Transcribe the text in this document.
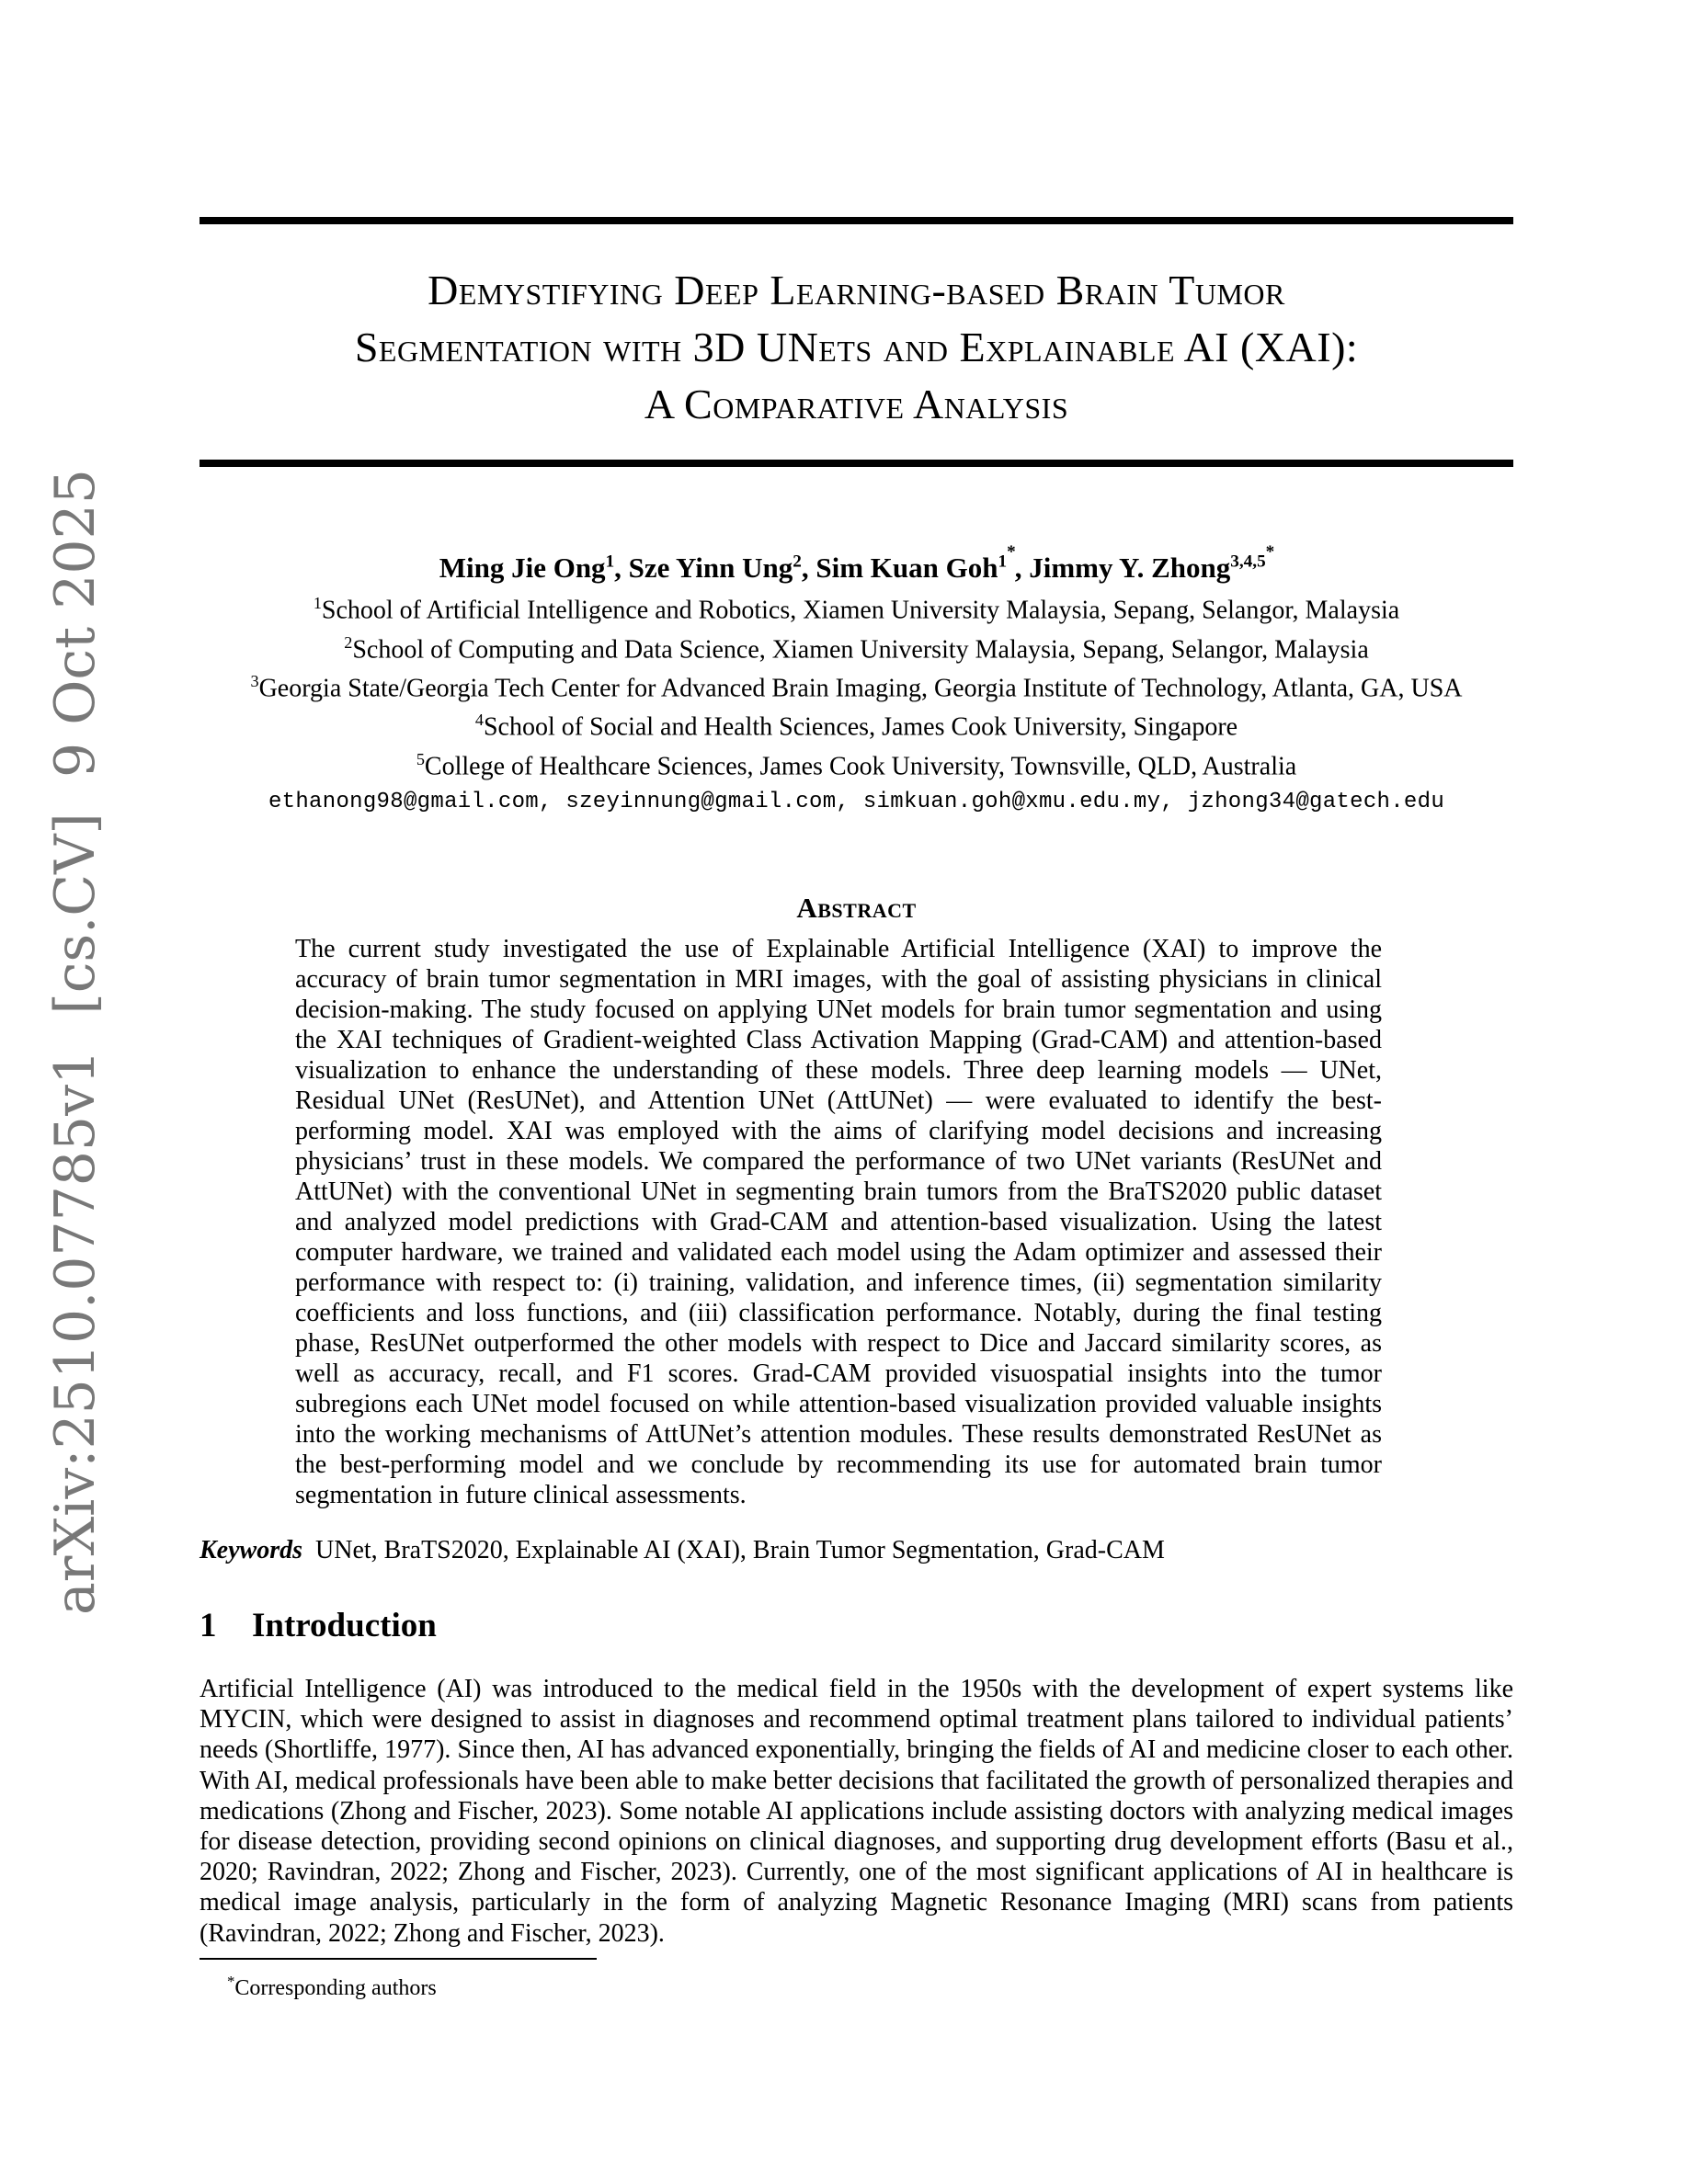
arXiv:2510.07785v1  [cs.CV]  9 Oct 2025
Demystifying Deep Learning-based Brain Tumor
Segmentation with 3D UNets and Explainable AI (XAI):
A Comparative Analysis
Ming Jie Ong$^1$, Sze Yinn Ung$^2$, Sim Kuan Goh$^{1*}$, Jimmy Y. Zhong$^{3,4,5*}$
$^1$School of Artificial Intelligence and Robotics, Xiamen University Malaysia, Sepang, Selangor, Malaysia
$^2$School of Computing and Data Science, Xiamen University Malaysia, Sepang, Selangor, Malaysia
$^3$Georgia State/Georgia Tech Center for Advanced Brain Imaging, Georgia Institute of Technology, Atlanta, GA, USA
$^4$School of Social and Health Sciences, James Cook University, Singapore
$^5$College of Healthcare Sciences, James Cook University, Townsville, QLD, Australia
ethanong98@gmail.com, szeyinnung@gmail.com, simkuan.goh@xmu.edu.my, jzhong34@gatech.edu
Abstract
The current study investigated the use of Explainable Artificial Intelligence (XAI) to improve the accuracy of brain tumor segmentation in MRI images, with the goal of assisting physicians in clinical decision-making. The study focused on applying UNet models for brain tumor segmentation and using the XAI techniques of Gradient-weighted Class Activation Mapping (Grad-CAM) and attention-based visualization to enhance the understanding of these models. Three deep learning models — UNet, Residual UNet (ResUNet), and Attention UNet (AttUNet) — were evaluated to identify the best-performing model. XAI was employed with the aims of clarifying model decisions and increasing physicians’ trust in these models. We compared the performance of two UNet variants (ResUNet and AttUNet) with the conventional UNet in segmenting brain tumors from the BraTS2020 public dataset and analyzed model predictions with Grad-CAM and attention-based visualization. Using the latest computer hardware, we trained and validated each model using the Adam optimizer and assessed their performance with respect to: (i) training, validation, and inference times, (ii) segmentation similarity coefficients and loss functions, and (iii) classification performance. Notably, during the final testing phase, ResUNet outperformed the other models with respect to Dice and Jaccard similarity scores, as well as accuracy, recall, and F1 scores. Grad-CAM provided visuospatial insights into the tumor subregions each UNet model focused on while attention-based visualization provided valuable insights into the working mechanisms of AttUNet’s attention modules. These results demonstrated ResUNet as the best-performing model and we conclude by recommending its use for automated brain tumor segmentation in future clinical assessments.
Keywords UNet, BraTS2020, Explainable AI (XAI), Brain Tumor Segmentation, Grad-CAM
1 Introduction
Artificial Intelligence (AI) was introduced to the medical field in the 1950s with the development of expert systems like MYCIN, which were designed to assist in diagnoses and recommend optimal treatment plans tailored to individual patients’ needs (Shortliffe, 1977). Since then, AI has advanced exponentially, bringing the fields of AI and medicine closer to each other. With AI, medical professionals have been able to make better decisions that facilitated the growth of personalized therapies and medications (Zhong and Fischer, 2023). Some notable AI applications include assisting doctors with analyzing medical images for disease detection, providing second opinions on clinical diagnoses, and supporting drug development efforts (Basu et al., 2020; Ravindran, 2022; Zhong and Fischer, 2023). Currently, one of the most significant applications of AI in healthcare is medical image analysis, particularly in the form of analyzing Magnetic Resonance Imaging (MRI) scans from patients (Ravindran, 2022; Zhong and Fischer, 2023).
*Corresponding authors
